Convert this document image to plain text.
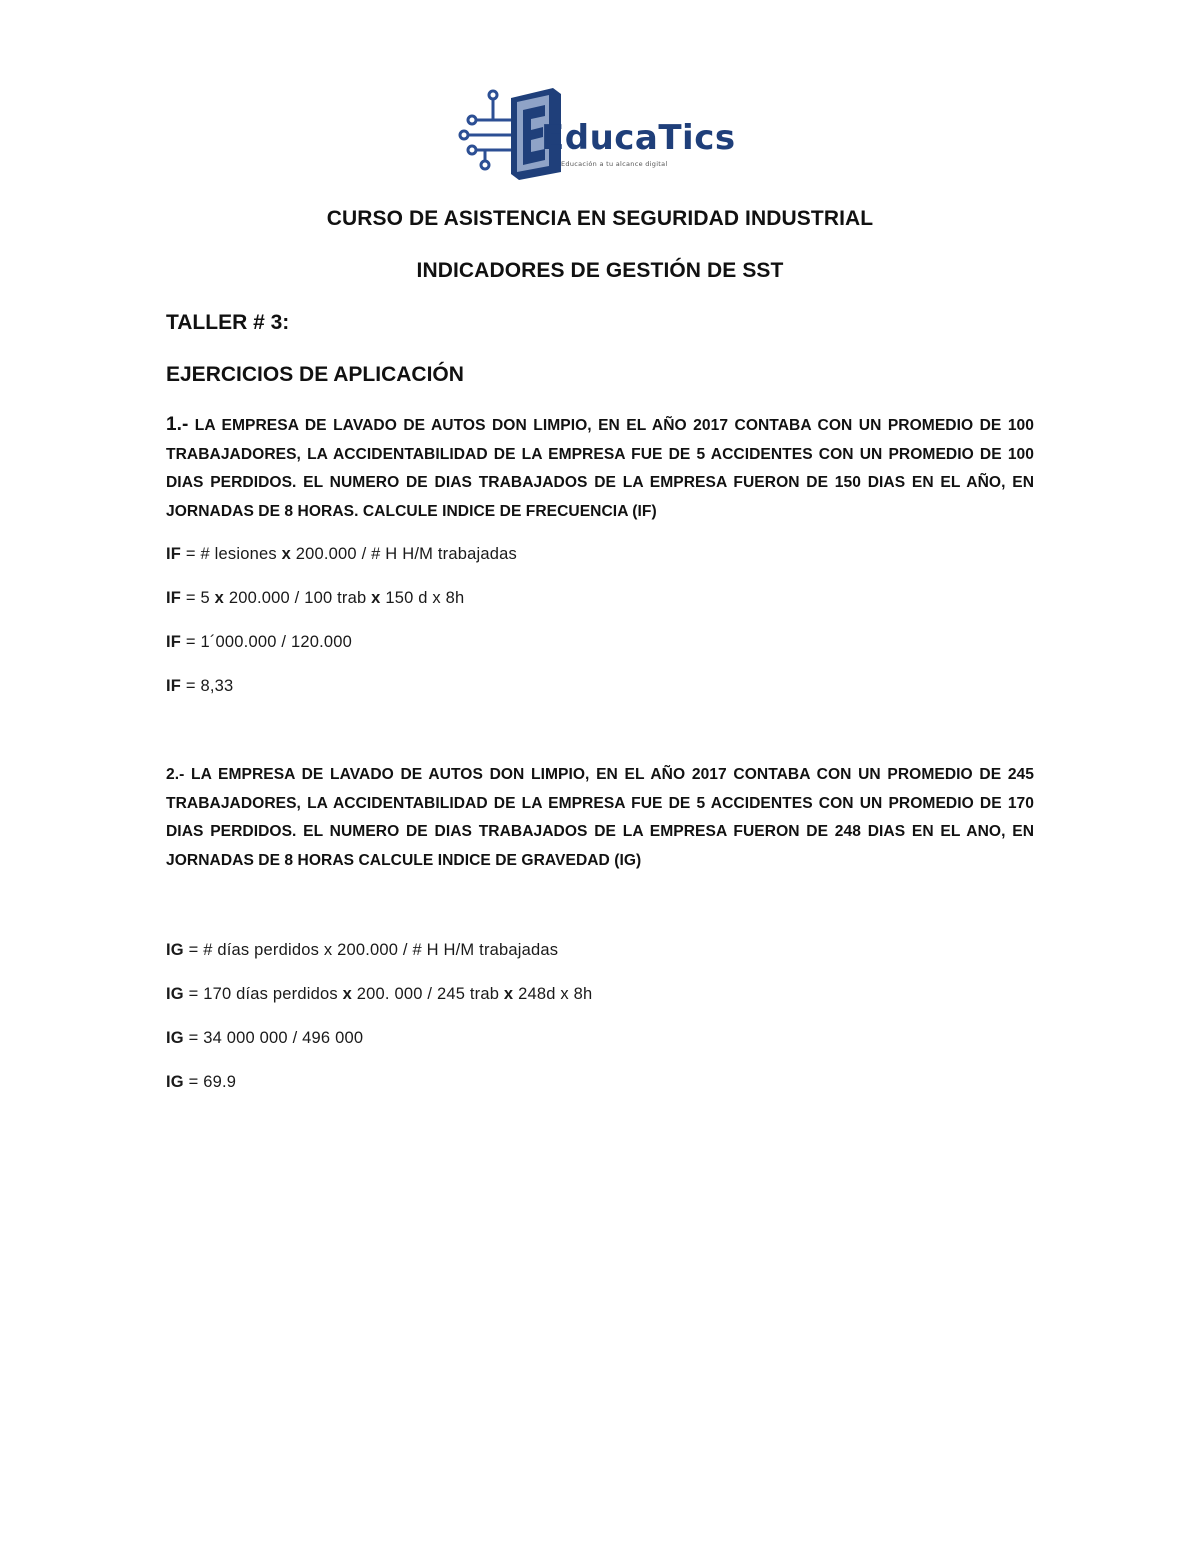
EducaTics
Educación a tu alcance digital
CURSO DE ASISTENCIA EN SEGURIDAD INDUSTRIAL
INDICADORES DE GESTIÓN DE SST
TALLER # 3:
EJERCICIOS DE APLICACIÓN
1.- LA EMPRESA DE LAVADO DE AUTOS DON LIMPIO, EN EL AÑO 2017 CONTABA CON UN PROMEDIO DE 100 TRABAJADORES, LA ACCIDENTABILIDAD DE LA EMPRESA FUE DE 5 ACCIDENTES CON UN PROMEDIO DE 100 DIAS PERDIDOS. EL NUMERO DE DIAS TRABAJADOS DE LA EMPRESA FUERON DE 150 DIAS EN EL AÑO, EN JORNADAS DE 8 HORAS. CALCULE INDICE DE FRECUENCIA (IF)
IF = # lesiones x 200.000 / # H H/M trabajadas
IF = 5 x 200.000 / 100 trab x 150 d x 8h
IF = 1´000.000 / 120.000
IF = 8,33
2.- LA EMPRESA DE LAVADO DE AUTOS DON LIMPIO, EN EL AÑO 2017 CONTABA CON UN PROMEDIO DE 245 TRABAJADORES, LA ACCIDENTABILIDAD DE LA EMPRESA FUE DE 5 ACCIDENTES CON UN PROMEDIO DE 170 DIAS PERDIDOS. EL NUMERO DE DIAS TRABAJADOS DE LA EMPRESA FUERON DE 248 DIAS EN EL ANO, EN JORNADAS DE 8 HORAS CALCULE INDICE DE GRAVEDAD (IG)
IG = # días perdidos x 200.000 / # H H/M trabajadas
IG = 170 días perdidos x 200. 000 / 245 trab x 248d x 8h
IG = 34 000 000 / 496 000
IG = 69.9
